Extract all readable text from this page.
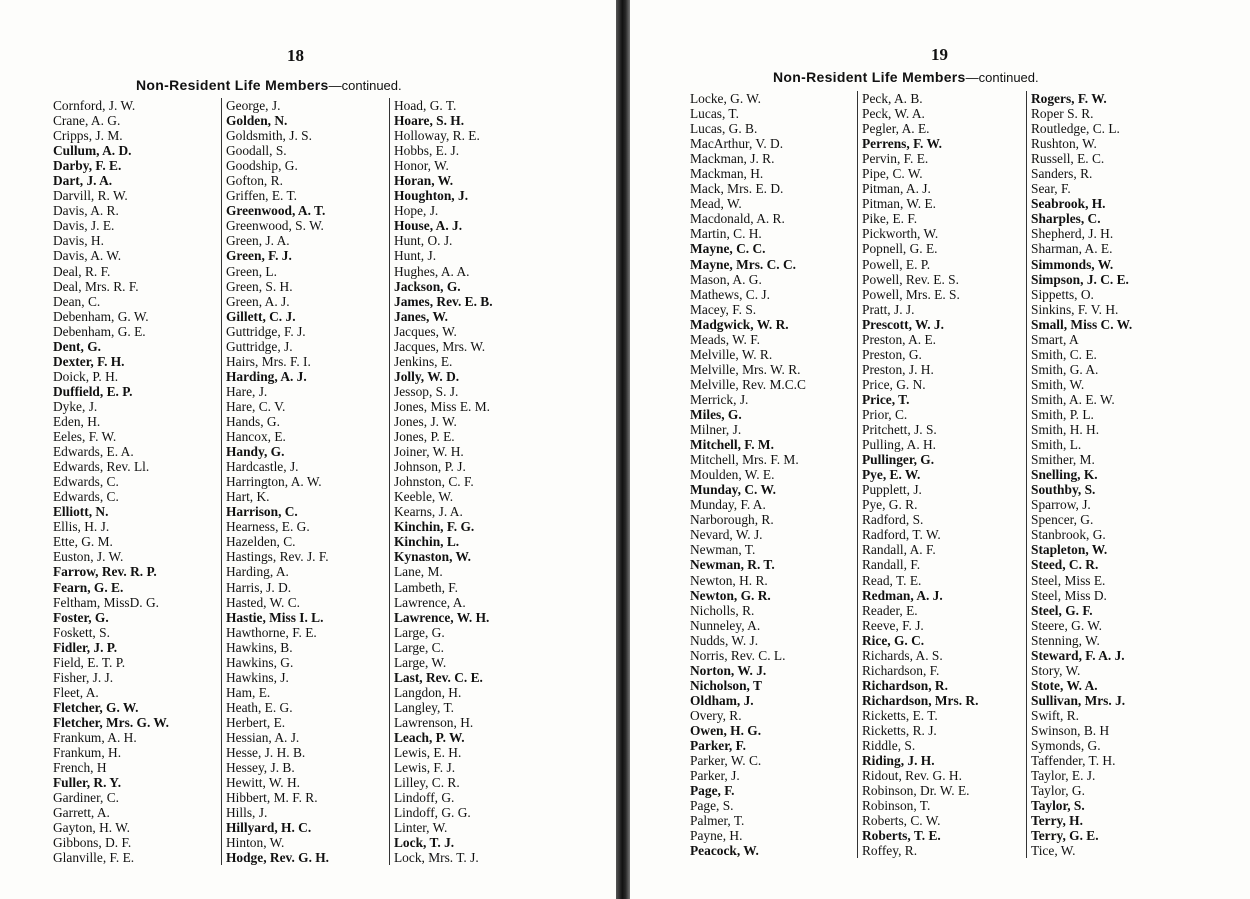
18
Non-Resident Life Members—continued.
Cornford, J. W.
Crane, A. G.
Cripps, J. M.
Cullum, A. D.
Darby, F. E.
Dart, J. A.
Darvill, R. W.
Davis, A. R.
Davis, J. E.
Davis, H.
Davis, A. W.
Deal, R. F.
Deal, Mrs. R. F.
Dean, C.
Debenham, G. W.
Debenham, G. E.
Dent, G.
Dexter, F. H.
Doick, P. H.
Duffield, E. P.
Dyke, J.
Eden, H.
Eeles, F. W.
Edwards, E. A.
Edwards, Rev. Ll.
Edwards, C.
Edwards, C.
Elliott, N.
Ellis, H. J.
Ette, G. M.
Euston, J. W.
Farrow, Rev. R. P.
Fearn, G. E.
Feltham, MissD. G.
Foster, G.
Foskett, S.
Fidler, J. P.
Field, E. T. P.
Fisher, J. J.
Fleet, A.
Fletcher, G. W.
Fletcher, Mrs. G. W.
Frankum, A. H.
Frankum, H.
French, H
Fuller, R. Y.
Gardiner, C.
Garrett, A.
Gayton, H. W.
Gibbons, D. F.
Glanville, F. E.
George, J.
Golden, N.
Goldsmith, J. S.
Goodall, S.
Goodship, G.
Gofton, R.
Griffen, E. T.
Greenwood, A. T.
Greenwood, S. W.
Green, J. A.
Green, F. J.
Green, L.
Green, S. H.
Green, A. J.
Gillett, C. J.
Guttridge, F. J.
Guttridge, J.
Hairs, Mrs. F. I.
Harding, A. J.
Hare, J.
Hare, C. V.
Hands, G.
Hancox, E.
Handy, G.
Hardcastle, J.
Harrington, A. W.
Hart, K.
Harrison, C.
Hearness, E. G.
Hazelden, C.
Hastings, Rev. J. F.
Harding, A.
Harris, J. D.
Hasted, W. C.
Hastie, Miss I. L.
Hawthorne, F. E.
Hawkins, B.
Hawkins, G.
Hawkins, J.
Ham, E.
Heath, E. G.
Herbert, E.
Hessian, A. J.
Hesse, J. H. B.
Hessey, J. B.
Hewitt, W. H.
Hibbert, M. F. R.
Hills, J.
Hillyard, H. C.
Hinton, W.
Hodge, Rev. G. H.
Hoad, G. T.
Hoare, S. H.
Holloway, R. E.
Hobbs, E. J.
Honor, W.
Horan, W.
Houghton, J.
Hope, J.
House, A. J.
Hunt, O. J.
Hunt, J.
Hughes, A. A.
Jackson, G.
James, Rev. E. B.
Janes, W.
Jacques, W.
Jacques, Mrs. W.
Jenkins, E.
Jolly, W. D.
Jessop, S. J.
Jones, Miss E. M.
Jones, J. W.
Jones, P. E.
Joiner, W. H.
Johnson, P. J.
Johnston, C. F.
Keeble, W.
Kearns, J. A.
Kinchin, F. G.
Kinchin, L.
Kynaston, W.
Lane, M.
Lambeth, F.
Lawrence, A.
Lawrence, W. H.
Large, G.
Large, C.
Large, W.
Last, Rev. C. E.
Langdon, H.
Langley, T.
Lawrenson, H.
Leach, P. W.
Lewis, E. H.
Lewis, F. J.
Lilley, C. R.
Lindoff, G.
Lindoff, G. G.
Linter, W.
Lock, T. J.
Lock, Mrs. T. J.
19
Non-Resident Life Members—continued.
Locke, G. W.
Lucas, T.
Lucas, G. B.
MacArthur, V. D.
Mackman, J. R.
Mackman, H.
Mack, Mrs. E. D.
Mead, W.
Macdonald, A. R.
Martin, C. H.
Mayne, C. C.
Mayne, Mrs. C. C.
Mason, A. G.
Mathews, C. J.
Macey, F. S.
Madgwick, W. R.
Meads, W. F.
Melville, W. R.
Melville, Mrs. W. R.
Melville, Rev. M.C.C
Merrick, J.
Miles, G.
Milner, J.
Mitchell, F. M.
Mitchell, Mrs. F. M.
Moulden, W. E.
Munday, C. W.
Munday, F. A.
Narborough, R.
Nevard, W. J.
Newman, T.
Newman, R. T.
Newton, H. R.
Newton, G. R.
Nicholls, R.
Nunneley, A.
Nudds, W. J.
Norris, Rev. C. L.
Norton, W. J.
Nicholson, T
Oldham, J.
Overy, R.
Owen, H. G.
Parker, F.
Parker, W. C.
Parker, J.
Page, F.
Page, S.
Palmer, T.
Payne, H.
Peacock, W.
Peck, A. B.
Peck, W. A.
Pegler, A. E.
Perrens, F. W.
Pervin, F. E.
Pipe, C. W.
Pitman, A. J.
Pitman, W. E.
Pike, E. F.
Pickworth, W.
Popnell, G. E.
Powell, E. P.
Powell, Rev. E. S.
Powell, Mrs. E. S.
Pratt, J. J.
Prescott, W. J.
Preston, A. E.
Preston, G.
Preston, J. H.
Price, G. N.
Price, T.
Prior, C.
Pritchett, J. S.
Pulling, A. H.
Pullinger, G.
Pye, E. W.
Pupplett, J.
Pye, G. R.
Radford, S.
Radford, T. W.
Randall, A. F.
Randall, F.
Read, T. E.
Redman, A. J.
Reader, E.
Reeve, F. J.
Rice, G. C.
Richards, A. S.
Richardson, F.
Richardson, R.
Richardson, Mrs. R.
Ricketts, E. T.
Ricketts, R. J.
Riddle, S.
Riding, J. H.
Ridout, Rev. G. H.
Robinson, Dr. W. E.
Robinson, T.
Roberts, C. W.
Roberts, T. E.
Roffey, R.
Rogers, F. W.
Roper S. R.
Routledge, C. L.
Rushton, W.
Russell, E. C.
Sanders, R.
Sear, F.
Seabrook, H.
Sharples, C.
Shepherd, J. H.
Sharman, A. E.
Simmonds, W.
Simpson, J. C. E.
Sippetts, O.
Sinkins, F. V. H.
Small, Miss C. W.
Smart, A
Smith, C. E.
Smith, G. A.
Smith, W.
Smith, A. E. W.
Smith, P. L.
Smith, H. H.
Smith, L.
Smither, M.
Snelling, K.
Southby, S.
Sparrow, J.
Spencer, G.
Stanbrook, G.
Stapleton, W.
Steed, C. R.
Steel, Miss E.
Steel, Miss D.
Steel, G. F.
Steere, G. W.
Stenning, W.
Steward, F. A. J.
Story, W.
Stote, W. A.
Sullivan, Mrs. J.
Swift, R.
Swinson, B. H
Symonds, G.
Taffender, T. H.
Taylor, E. J.
Taylor, G.
Taylor, S.
Terry, H.
Terry, G. E.
Tice, W.
